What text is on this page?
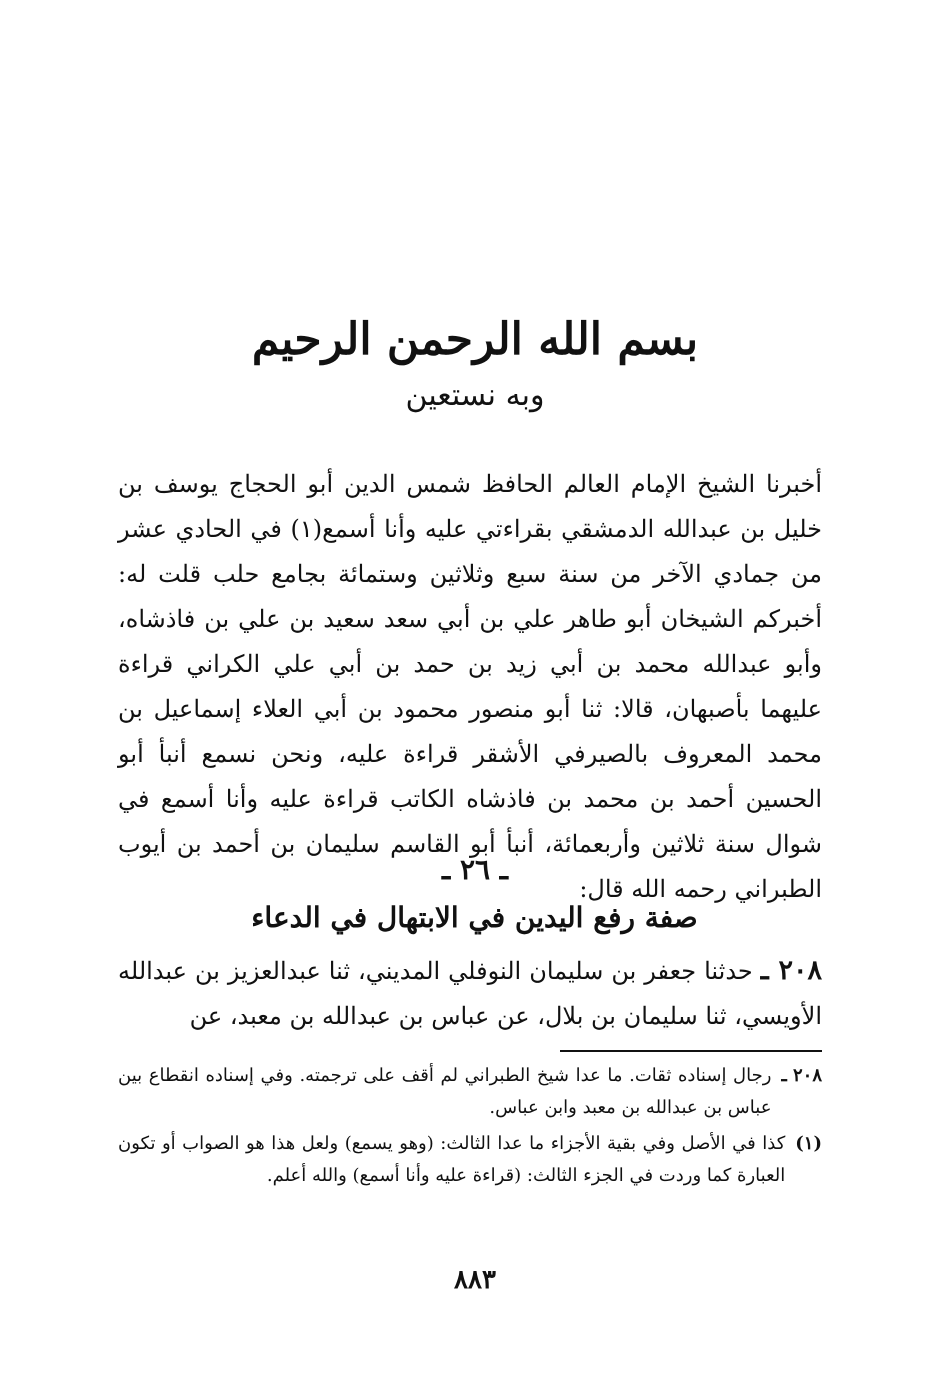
بسم الله الرحمن الرحيم
وبه نستعين

أخبرنا الشيخ الإمام العالم الحافظ شمس الدين أبو الحجاج يوسف بن خليل بن عبدالله الدمشقي بقراءتي عليه وأنا أسمع(١) في الحادي عشر من جمادي الآخر من سنة سبع وثلاثين وستمائة بجامع حلب قلت له: أخبركم الشيخان أبو طاهر علي بن أبي سعد سعيد بن علي بن فاذشاه، وأبو عبدالله محمد بن أبي زيد بن حمد بن أبي علي الكراني قراءة عليهما بأصبهان، قالا: ثنا أبو منصور محمود بن أبي العلاء إسماعيل بن محمد المعروف بالصيرفي الأشقر قراءة عليه، ونحن نسمع أنبأ أبو الحسين أحمد بن محمد بن فاذشاه الكاتب قراءة عليه وأنا أسمع في شوال سنة ثلاثين وأربعمائة، أنبأ أبو القاسم سليمان بن أحمد بن أيوب الطبراني رحمه الله قال:

ـ ٢٦ ـ
صفة رفع اليدين في الابتهال في الدعاء

٢٠٨ ـ حدثنا جعفر بن سليمان النوفلي المديني، ثنا عبدالعزيز بن عبدالله الأويسي، ثنا سليمان بن بلال، عن عباس بن عبدالله بن معبد، عن

٢٠٨ ـ
رجال إسناده ثقات. ما عدا شيخ الطبراني لم أقف على ترجمته. وفي إسناده انقطاع بين عباس بن عبدالله بن معبد وابن عباس.
(١)
كذا في الأصل وفي بقية الأجزاء ما عدا الثالث: (وهو يسمع) ولعل هذا هو الصواب أو تكون العبارة كما وردت في الجزء الثالث: (قراءة عليه وأنا أسمع) والله أعلم.
٨٨٣
